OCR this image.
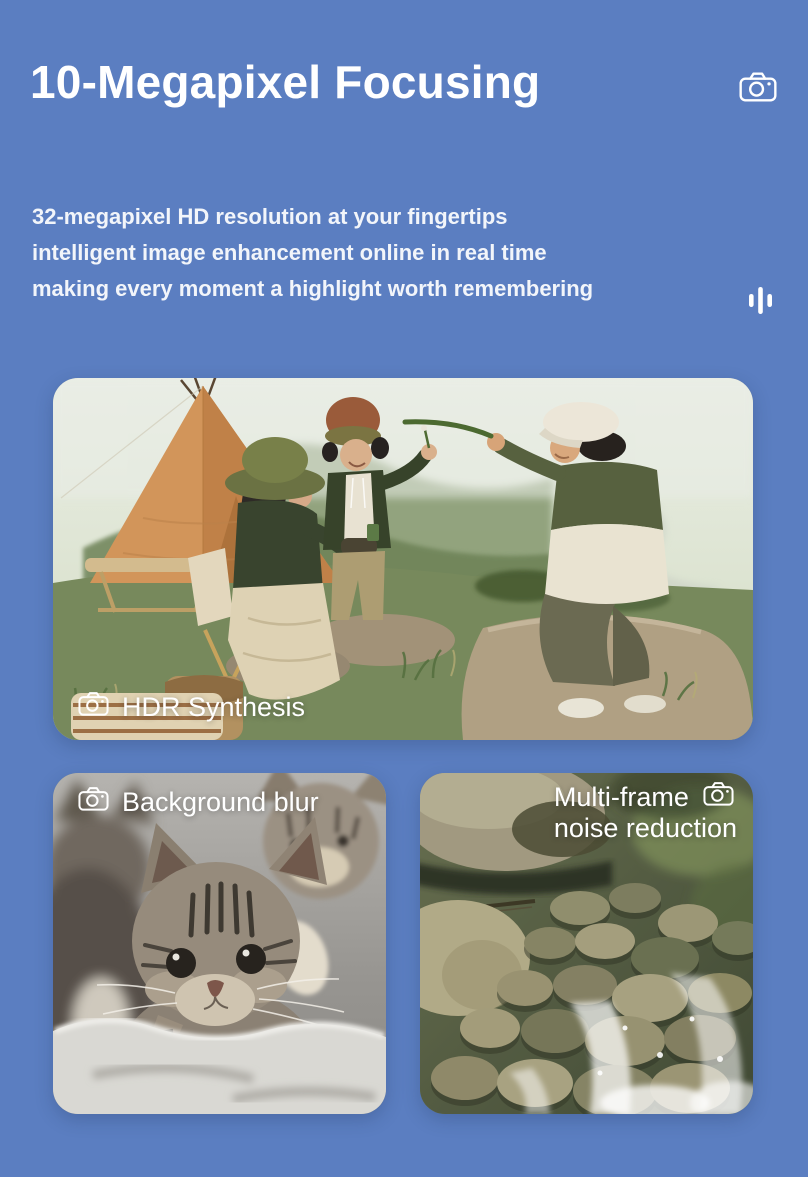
10-Megapixel Focusing
32-megapixel HD resolution at your fingertips
intelligent image enhancement online in real time
making every moment a highlight worth remembering
HDR Synthesis
Background blur	Multi-frame
noise reduction
